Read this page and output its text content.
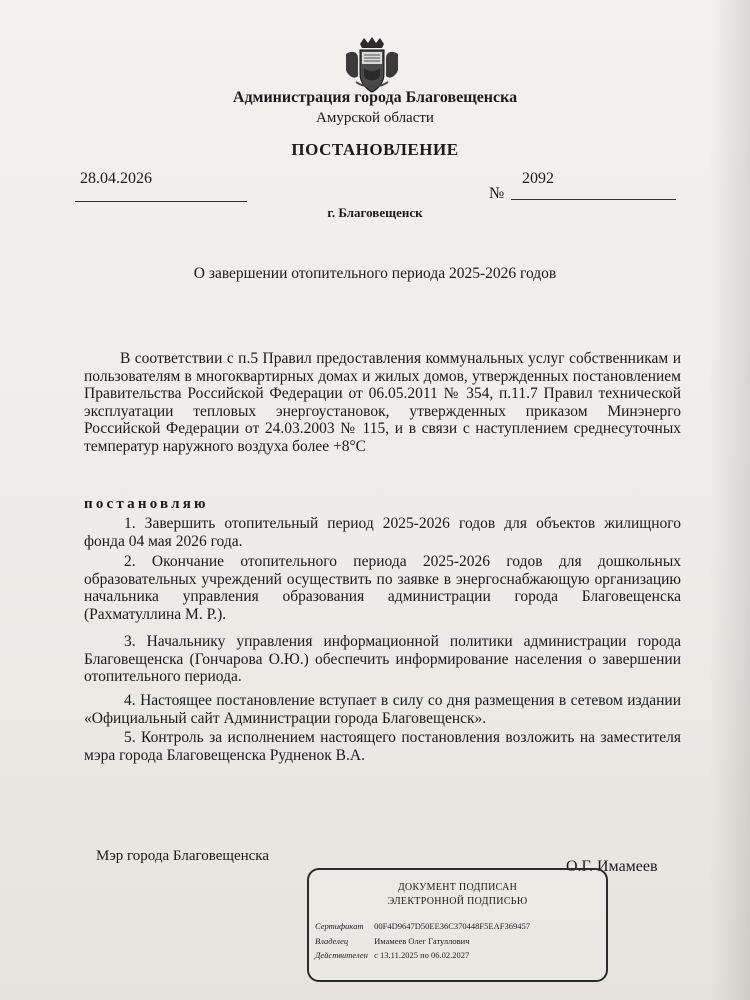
Администрация города Благовещенска
Амурской области
ПОСТАНОВЛЕНИЕ
28.04.2026
№
2092
г. Благовещенск
О завершении отопительного периода 2025-2026 годов
В соответствии с п.5 Правил предоставления коммунальных услуг собственникам и пользователям в многоквартирных домах и жилых домов, утвержденных постановлением Правительства Российской Федерации от 06.05.2011 № 354, п.11.7 Правил технической эксплуатации тепловых энергоустановок, утвержденных приказом Минэнерго Российской Федерации от 24.03.2003 № 115, и в связи с наступлением среднесуточных температур наружного воздуха более +8°С
постановляю
1. Завершить отопительный период 2025-2026 годов для объектов жилищного фонда 04 мая 2026 года.
2. Окончание отопительного периода 2025-2026 годов для дошкольных образовательных учреждений осуществить по заявке в энергоснабжающую организацию начальника управления образования администрации города Благовещенска (Рахматуллина М. Р.).
3. Начальнику управления информационной политики администрации города Благовещенска (Гончарова О.Ю.) обеспечить информирование населения о завершении отопительного периода.
4. Настоящее постановление вступает в силу со дня размещения в сетевом издании «Официальный сайт Администрации города Благовещенск».
5. Контроль за исполнением настоящего постановления возложить на заместителя мэра города Благовещенска Рудненок В.А.
Мэр города Благовещенска
О.Г. Имамеев
ДОКУМЕНТ ПОДПИСАН
ЭЛЕКТРОННОЙ ПОДПИСЬЮ
Сертификат 00F4D9647D50EE36C370448F5EAF369457
Владелец	Имамеев Олег Гатуллович
Действителен с 13.11.2025 по 06.02.2027
